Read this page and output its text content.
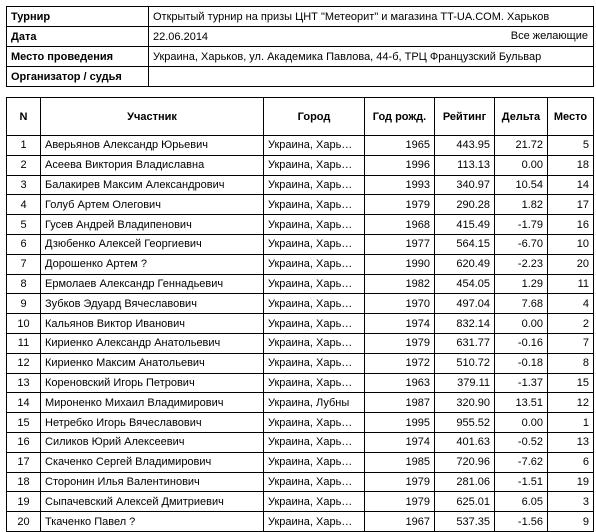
Турнир	Открытый турнир на призы ЦНТ "Метеорит" и магазина TT-UA.COM. Харьков
Дата	22.06.2014 Все желающие

Место проведения	Украина, Харьков, ул. Академика Павлова, 44-б, ТРЦ Французский Бульвар
Организатор / судья	
N	Участник	Город	Год рожд.	Рейтинг	Дельта	Место
1	Аверьянов Александр Юрьевич	Украина, Харь…	1965	443.95	21.72	5
2	Асеева Виктория Владиславна	Украина, Харь…	1996	113.13	0.00	18
3	Балакирев Максим Александрович	Украина, Харь…	1993	340.97	10.54	14
4	Голуб Артем Олегович	Украина, Харь…	1979	290.28	1.82	17
5	Гусев Андрей Владипенович	Украина, Харь…	1968	415.49	-1.79	16
6	Дзюбенко Алексей Георгиевич	Украина, Харь…	1977	564.15	-6.70	10
7	Дорошенко Артем ?	Украина, Харь…	1990	620.49	-2.23	20
8	Ермолаев Александр Геннадьевич	Украина, Харь…	1982	454.05	1.29	11
9	Зубков Эдуард Вячеславович	Украина, Харь…	1970	497.04	7.68	4
10	Кальянов Виктор Иванович	Украина, Харь…	1974	832.14	0.00	2
11	Кириенко Александр Анатольевич	Украина, Харь…	1979	631.77	-0.16	7
12	Кириенко Максим Анатольевич	Украина, Харь…	1972	510.72	-0.18	8
13	Кореновский Игорь Петрович	Украина, Харь…	1963	379.11	-1.37	15
14	Мироненко Михаил Владимирович	Украина, Лубны	1987	320.90	13.51	12
15	Нетребко Игорь Вячеславович	Украина, Харь…	1995	955.52	0.00	1
16	Силиков Юрий Алексеевич	Украина, Харь…	1974	401.63	-0.52	13
17	Скаченко Сергей Владимирович	Украина, Харь…	1985	720.96	-7.62	6
18	Сторонин Илья Валентинович	Украина, Харь…	1979	281.06	-1.51	19
19	Сыпачевский Алексей Дмитриевич	Украина, Харь…	1979	625.01	6.05	3
20	Ткаченко Павел ?	Украина, Харь…	1967	537.35	-1.56	9
